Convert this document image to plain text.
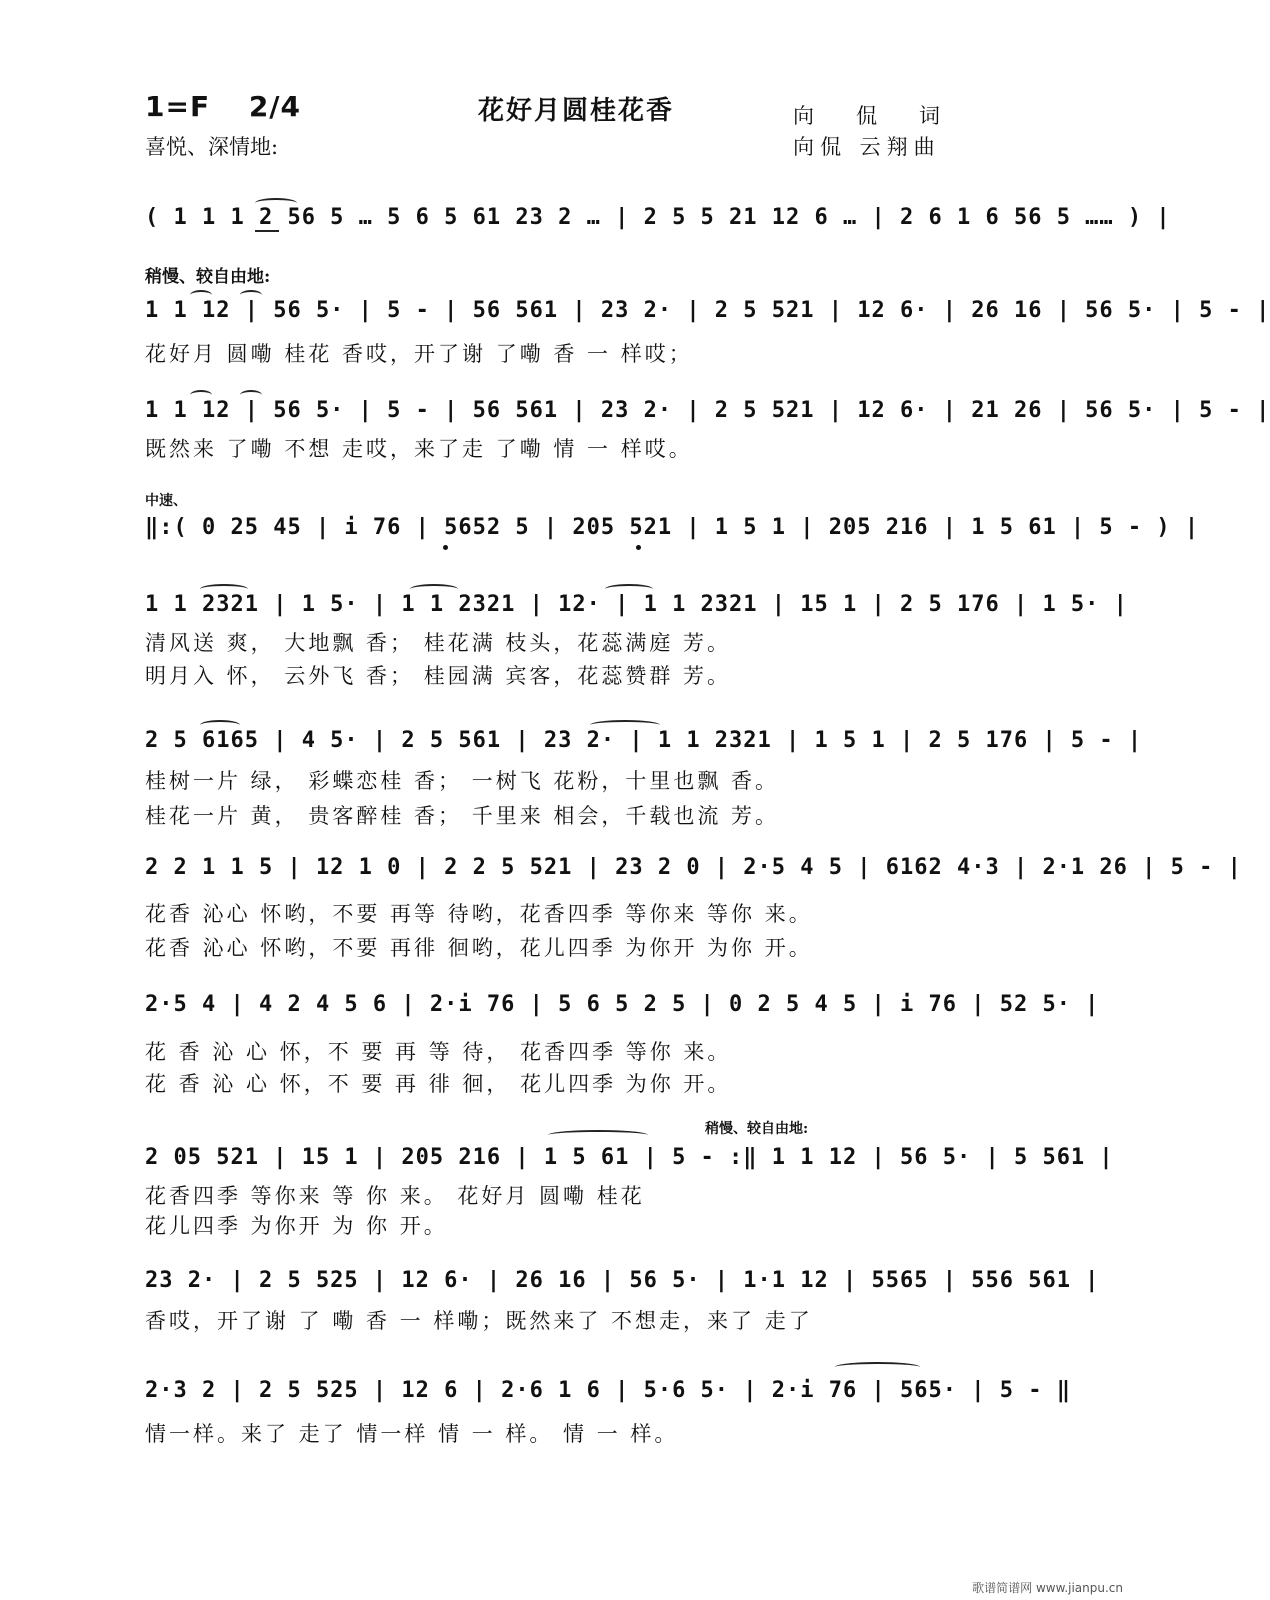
1=F 2/4	花好月圆桂花香
喜悦、深情地:
向侃词
向侃 云翔曲
( 1 1 1 2 56 5 … 5 6 5 61 23 2 … | 2 5 5 21 12 6 … | 2 6 1 6 56 5 …… ) |
稍慢、较自由地:
1 1 12 | 56 5· | 5 - | 56 561 | 23 2· | 2 5 521 | 12 6· | 26 16 | 56 5· | 5 - |
花好月 圆嘞 桂花 香哎，开了谢 了嘞 香 一 样哎；
1 1 12 | 56 5· | 5 - | 56 561 | 23 2· | 2 5 521 | 12 6· | 21 26 | 56 5· | 5 - |
既然来 了嘞 不想 走哎，来了走 了嘞 情 一 样哎。
中速、
‖:( 0 25 45 | i 76 | 5652 5 | 205 521 | 1 5 1 | 205 216 | 1 5 61 | 5 - ) |
1 1 2321 | 1 5· | 1 1 2321 | 12· | 1 1 2321 | 15 1 | 2 5 176 | 1 5· |
清风送 爽， 大地飘 香； 桂花满 枝头，花蕊满庭 芳。
明月入 怀， 云外飞 香； 桂园满 宾客，花蕊赞群 芳。
2 5 6165 | 4 5· | 2 5 561 | 23 2· | 1 1 2321 | 1 5 1 | 2 5 176 | 5 - |
桂树一片 绿， 彩蝶恋桂 香； 一树飞 花粉，十里也飘 香。
桂花一片 黄， 贵客醉桂 香； 千里来 相会，千载也流 芳。
2 2 1 1 5 | 12 1 0 | 2 2 5 521 | 23 2 0 | 2·5 4 5 | 6162 4·3 | 2·1 26 | 5 - |
花香 沁心 怀哟，不要 再等 待哟，花香四季 等你来 等你 来。
花香 沁心 怀哟，不要 再徘 徊哟，花儿四季 为你开 为你 开。
2·5 4 | 4 2 4 5 6 | 2·i 76 | 5 6 5 2 5 | 0 2 5 4 5 | i 76 | 52 5· |
花 香 沁 心 怀，不 要 再 等 待， 花香四季 等你 来。
花 香 沁 心 怀，不 要 再 徘 徊， 花儿四季 为你 开。
稍慢、较自由地:
2 05 521 | 15 1 | 205 216 | 1 5 61 | 5 - :‖ 1 1 12 | 56 5· | 5 561 |
花香四季 等你来 等 你 来。 花好月 圆嘞 桂花
花儿四季 为你开 为 你 开。
23 2· | 2 5 525 | 12 6· | 26 16 | 56 5· | 1·1 12 | 5565 | 556 561 |
香哎，开了谢 了 嘞 香 一 样嘞；既然来了 不想走，来了 走了
2·3 2 | 2 5 525 | 12 6 | 2·6 1 6 | 5·6 5· | 2·i 76 | 565· | 5 - ‖
情一样。来了 走了 情一样 情 一 样。 情 一 样。
歌谱简谱网 www.jianpu.cn
